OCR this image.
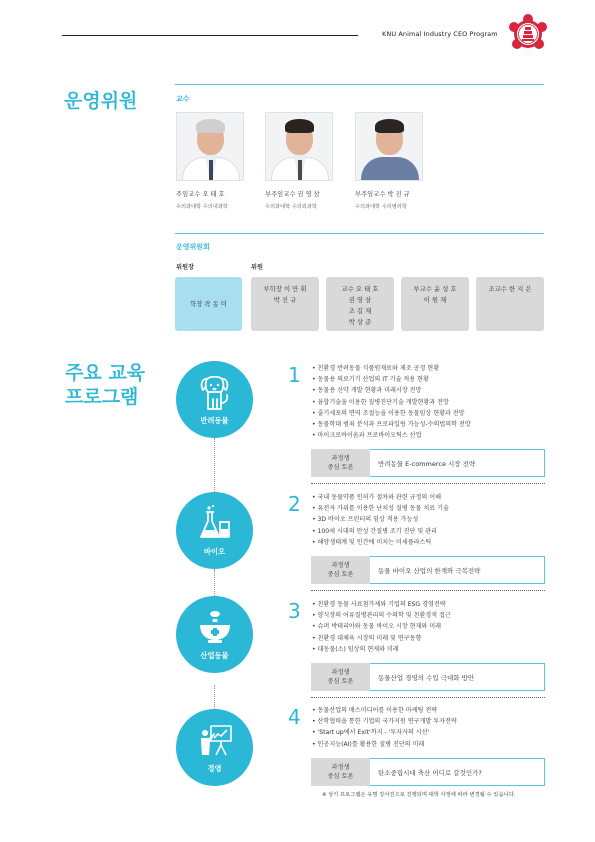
KNU Animal Industry CEO Program
운영위원	교수
주임교수 오 태 호
수의과대학 수의내과학
부주임교수 권 영 삼
수의과대학 수의외과학
부주임교수 박 진 규
수의과대학 수의병리학
운영위원회
위원장	위원
학장 곽 동 미
부학장 이 만 휘
박 진 규
교수 오 태 호
권 영 삼
조 길 재
박 상 준
부교수 윤 성 호
이 원 재
조교수 한 지 은
주요 교육
프로그램
반려동물
1	• 친환경 반려동물 식품원재료와 제조 공정 현황
• 동물용 의료기기 산업의 IT 기술 적용 현황
• 동물용 신약 개발 현황과 미래시장 전망
• 융합기술을 이용한 질병진단기술 개발현황과 전망
• 줄기세포의 면역 조절능을 이용한 동물임상 현황과 전망
• 동물학대 범죄 분석과 프로파일링 가능성-수의법의학 전망
• 마이크로바이옴과 프로바이오틱스 산업
반려동물 E-commerce 시장 전략
과정생
중심 토론
바이오
2	• 국내 동물약품 인허가 절차와 관련 규정의 이해
• 유전자 가위를 이용한 난치성 질병 동물 치료 기술
• 3D 바이오 프린터의 임상 적용 가능성
• 100세 시대의 만성 간질병 조기 진단 및 관리
• 해양생태계 및 인간에 미치는 미세플라스틱
동물 바이오 산업의 한계와 극복전략
과정생
중심 토론
산업동물
3	• 친환경 동물 사료첨가제와 기업의 ESG 경영전략
• 양식장의 어류질병관리의 수의학 및 친환경적 접근
• 슈퍼 박테리아와 동물 바이오 시장 현재와 미래
• 친환경 대체육 시장의 미래 및 연구동향
• 대동물(소) 임상의 현재와 미래
동물산업 경영의 수입 극대화 방안
과정생
중심 토론
경영
4	• 동물산업의 매스미디어를 이용한 마케팅 전략
• 산학협력을 통한 기업의 국가지원 연구개발 투자전략
• 'Start up에서 Exit'까지 - '투자자의 시선'
• 인공지능(AI)를 활용한 질병 진단의 미래
탄소중립시대 축산 어디로 갈것인가?
과정생
중심 토론
※ 상기 프로그램은 유명 강사진으로 진행되며 대학 사정에 따라 변경될 수 있습니다.
